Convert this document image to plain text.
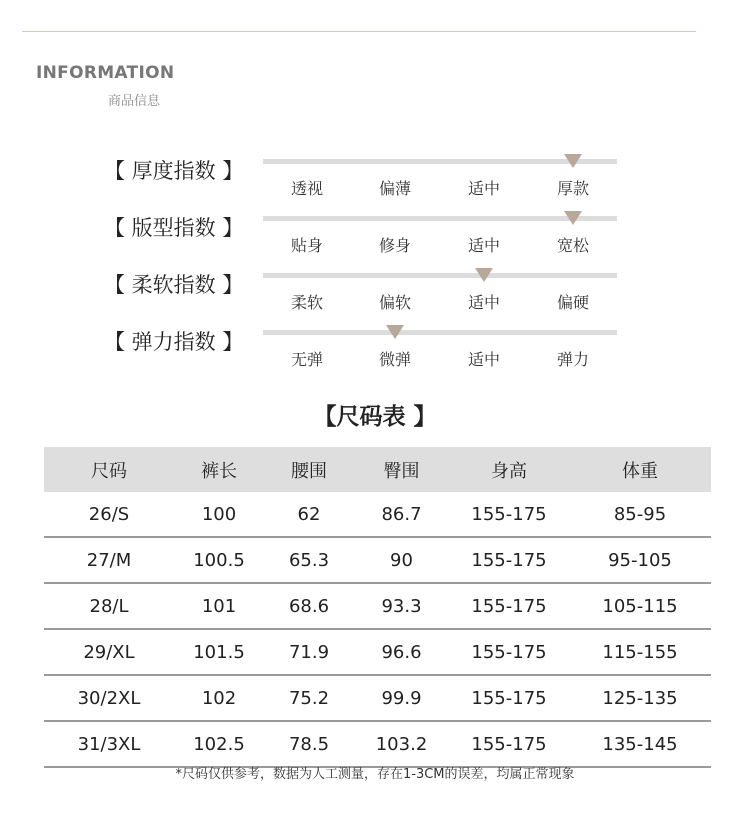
INFORMATION
商品信息
【 厚度指数 】
透视	偏薄	适中	厚款
【 版型指数 】
贴身	修身	适中	宽松
【 柔软指数 】
柔软	偏软	适中	偏硬
【 弹力指数 】
无弹	微弹	适中	弹力
【尺码表 】
尺码	裤长	腰围	臀围	身高	体重
26/S	100	62	86.7	155-175	85-95
27/M	100.5	65.3	90	155-175	95-105
28/L	101	68.6	93.3	155-175	105-115
29/XL	101.5	71.9	96.6	155-175	115-155
30/2XL	102	75.2	99.9	155-175	125-135
31/3XL	102.5	78.5	103.2	155-175	135-145
*尺码仅供参考，数据为人工测量，存在1-3CM的误差，均属正常现象
